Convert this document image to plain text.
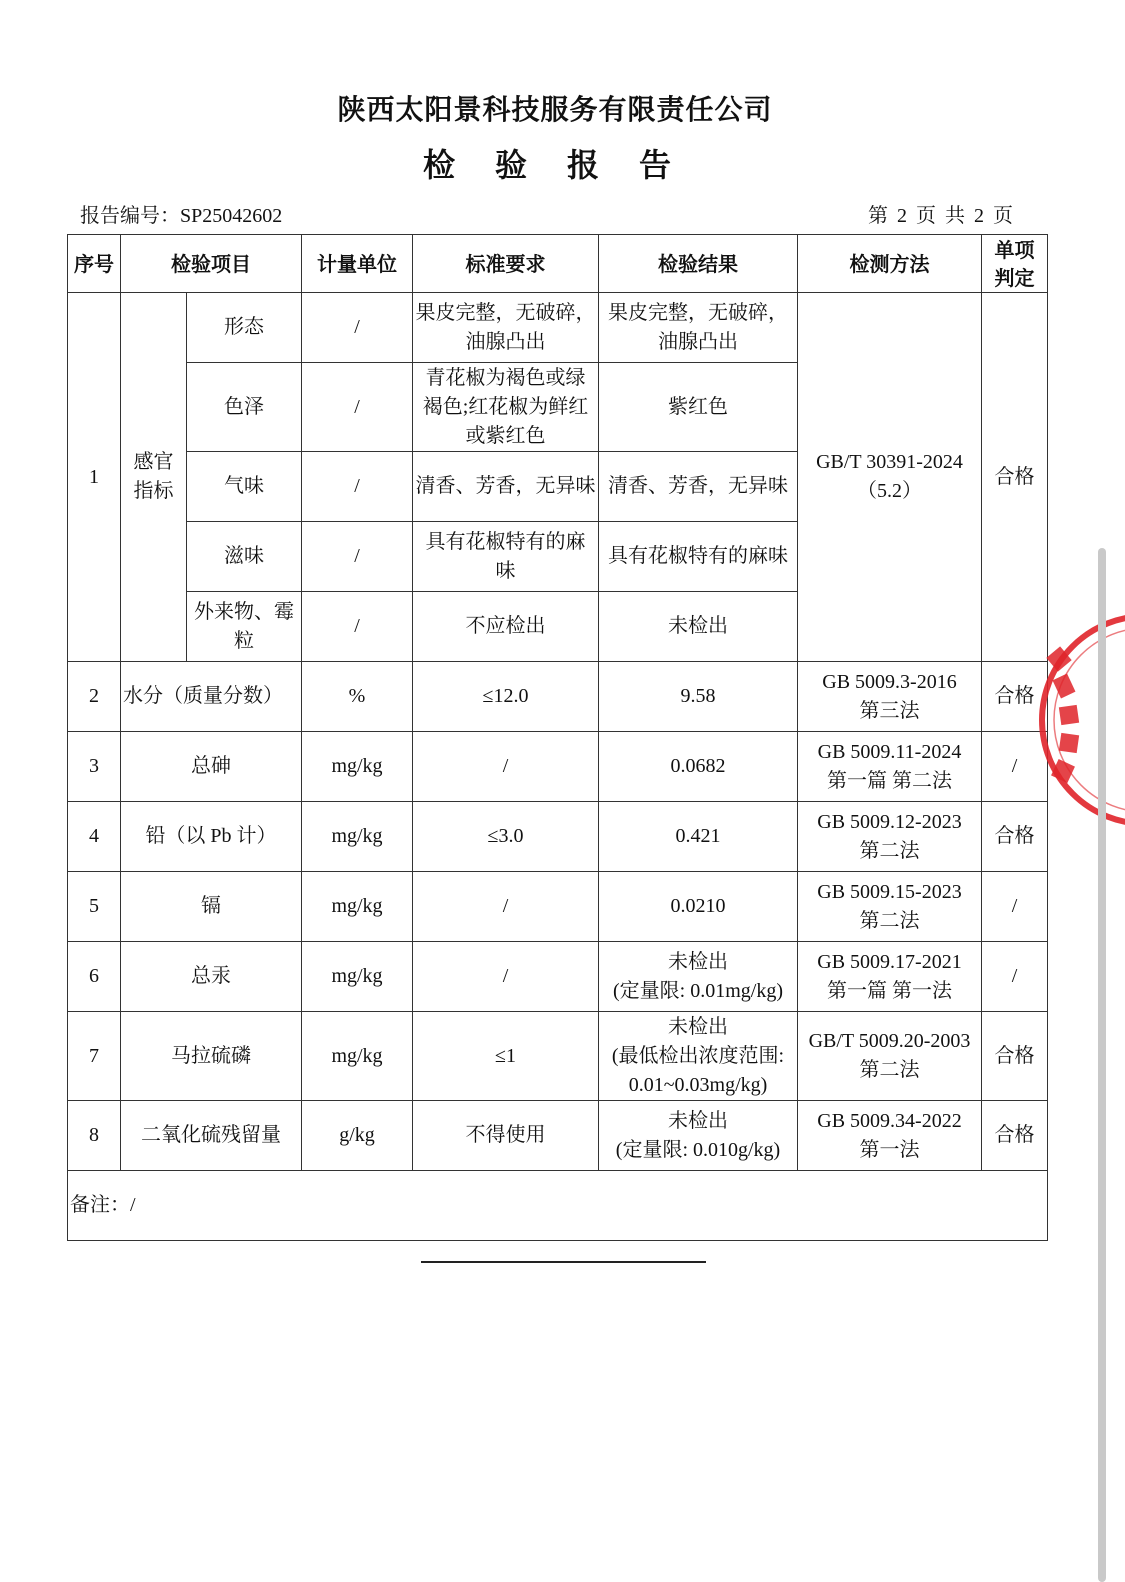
陕西太阳景科技服务有限责任公司
检 验 报 告
报告编号：SP25042602	第 2 页 共 2 页
序号	检验项目		计量单位	标准要求	检验结果	检测方法	单项
判定
1	感官
指标	形态	/	果皮完整，无破碎，
油腺凸出	果皮完整，无破碎，
油腺凸出	GB/T 30391-2024
（5.2）	合格
		色泽	/	青花椒为褐色或绿
褐色;红花椒为鲜红
或紫红色	紫红色		
		气味	/	清香、芳香，无异味	清香、芳香，无异味		
		滋味	/	具有花椒特有的麻
味	具有花椒特有的麻味		
		外来物、霉
粒	/	不应检出	未检出		
2	水分（质量分数）		%	≤12.0	9.58	GB 5009.3-2016
第三法	合格
3	总砷		mg/kg	/	0.0682	GB 5009.11-2024
第一篇 第二法	/
4	铅（以 Pb 计）		mg/kg	≤3.0	0.421	GB 5009.12-2023
第二法	合格
5	镉		mg/kg	/	0.0210	GB 5009.15-2023
第二法	/
6	总汞		mg/kg	/	未检出
(定量限: 0.01mg/kg)	GB 5009.17-2021
第一篇 第一法	/
7	马拉硫磷		mg/kg	≤1	未检出
(最低检出浓度范围:
0.01~0.03mg/kg)	GB/T 5009.20-2003
第二法	合格
8	二氧化硫残留量		g/kg	不得使用	未检出
(定量限: 0.010g/kg)	GB 5009.34-2022
第一法	合格
备注：/							
